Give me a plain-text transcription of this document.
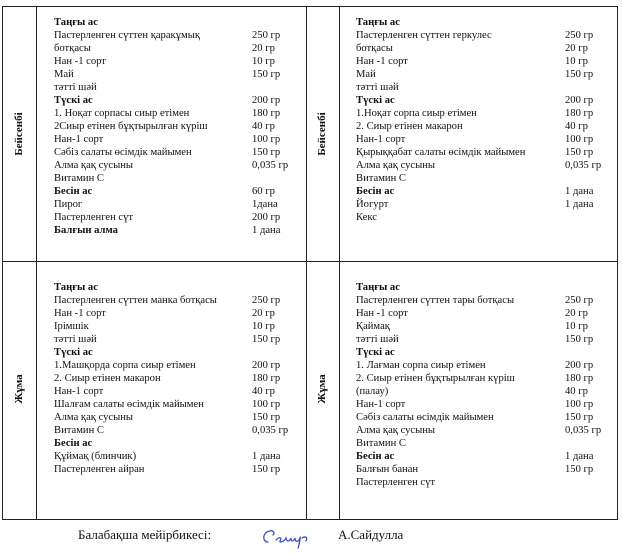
Бейсенбі	Бейсенбі
Жұма	Жұма
Таңғы ас
Пастерленген сүттен қаракұмық	250 гр
ботқасы	20 гр
Нан -1 сорт	10 гр
Май	150 гр
тәтті шәй
Түскі ас	200 гр
1. Ноқат сорпасы сиыр етімен	180 гр
2Сиыр етінен бұқтырылған күріш	40 гр
Нан-1 сорт	100 гр
Сәбіз салаты өсімдік майымен	150 гр
Алма қақ сусыны	0,035 гр
Витамин С
Бесін ас	60 гр
Пирог	1дана
Пастерленген сүт	200 гр
Балғын алма	1 дана
Таңғы ас
Пастерленген сүттен геркулес	250 гр
ботқасы	20 гр
Нан -1 сорт	10 гр
Май	150 гр
тәтті шәй
Түскі ас	200 гр
1.Ноқат сорпа сиыр етімен	180 гр
2. Сиыр етінен макарон	40 гр
Нан-1 сорт	100 гр
Қырыққабат салаты өсімдік майымен	150 гр
Алма қақ сусыны	0,035 гр
Витамин С
Бесін ас	1 дана
Йогурт	1 дана
Кекс
Таңғы ас
Пастерленген сүттен манка ботқасы	250 гр
Нан -1 сорт	20 гр
Ірімшік	10 гр
тәтті шәй	150 гр
Түскі ас
1.Машқорда сорпа сиыр етімен	200 гр
2. Сиыр етінен макарон	180 гр
Нан-1 сорт	40 гр
Шалғам салаты өсімдік майымен	100 гр
Алма қақ сусыны	150 гр
Витамин С	0,035 гр
Бесін ас
Құймақ (блинчик)	1 дана
Пастерленген айран	150 гр
Таңғы ас
Пастерленген сүттен тары ботқасы	250 гр
Нан -1 сорт	20 гр
Қаймақ	10 гр
тәтті шәй	150 гр
Түскі ас
1. Лағман сорпа сиыр етімен	200 гр
2. Сиыр етінен бұқтырылған күріш	180 гр
(палау)	40 гр
Нан-1 сорт	100 гр
Сәбіз салаты өсімдік майымен	150 гр
Алма қақ сусыны	0,035 гр
Витамин С
Бесін ас	1 дана
Балғын банан	150 гр
Пастерленген сүт
Балабақша мейірбикесі:	А.Сайдулла
